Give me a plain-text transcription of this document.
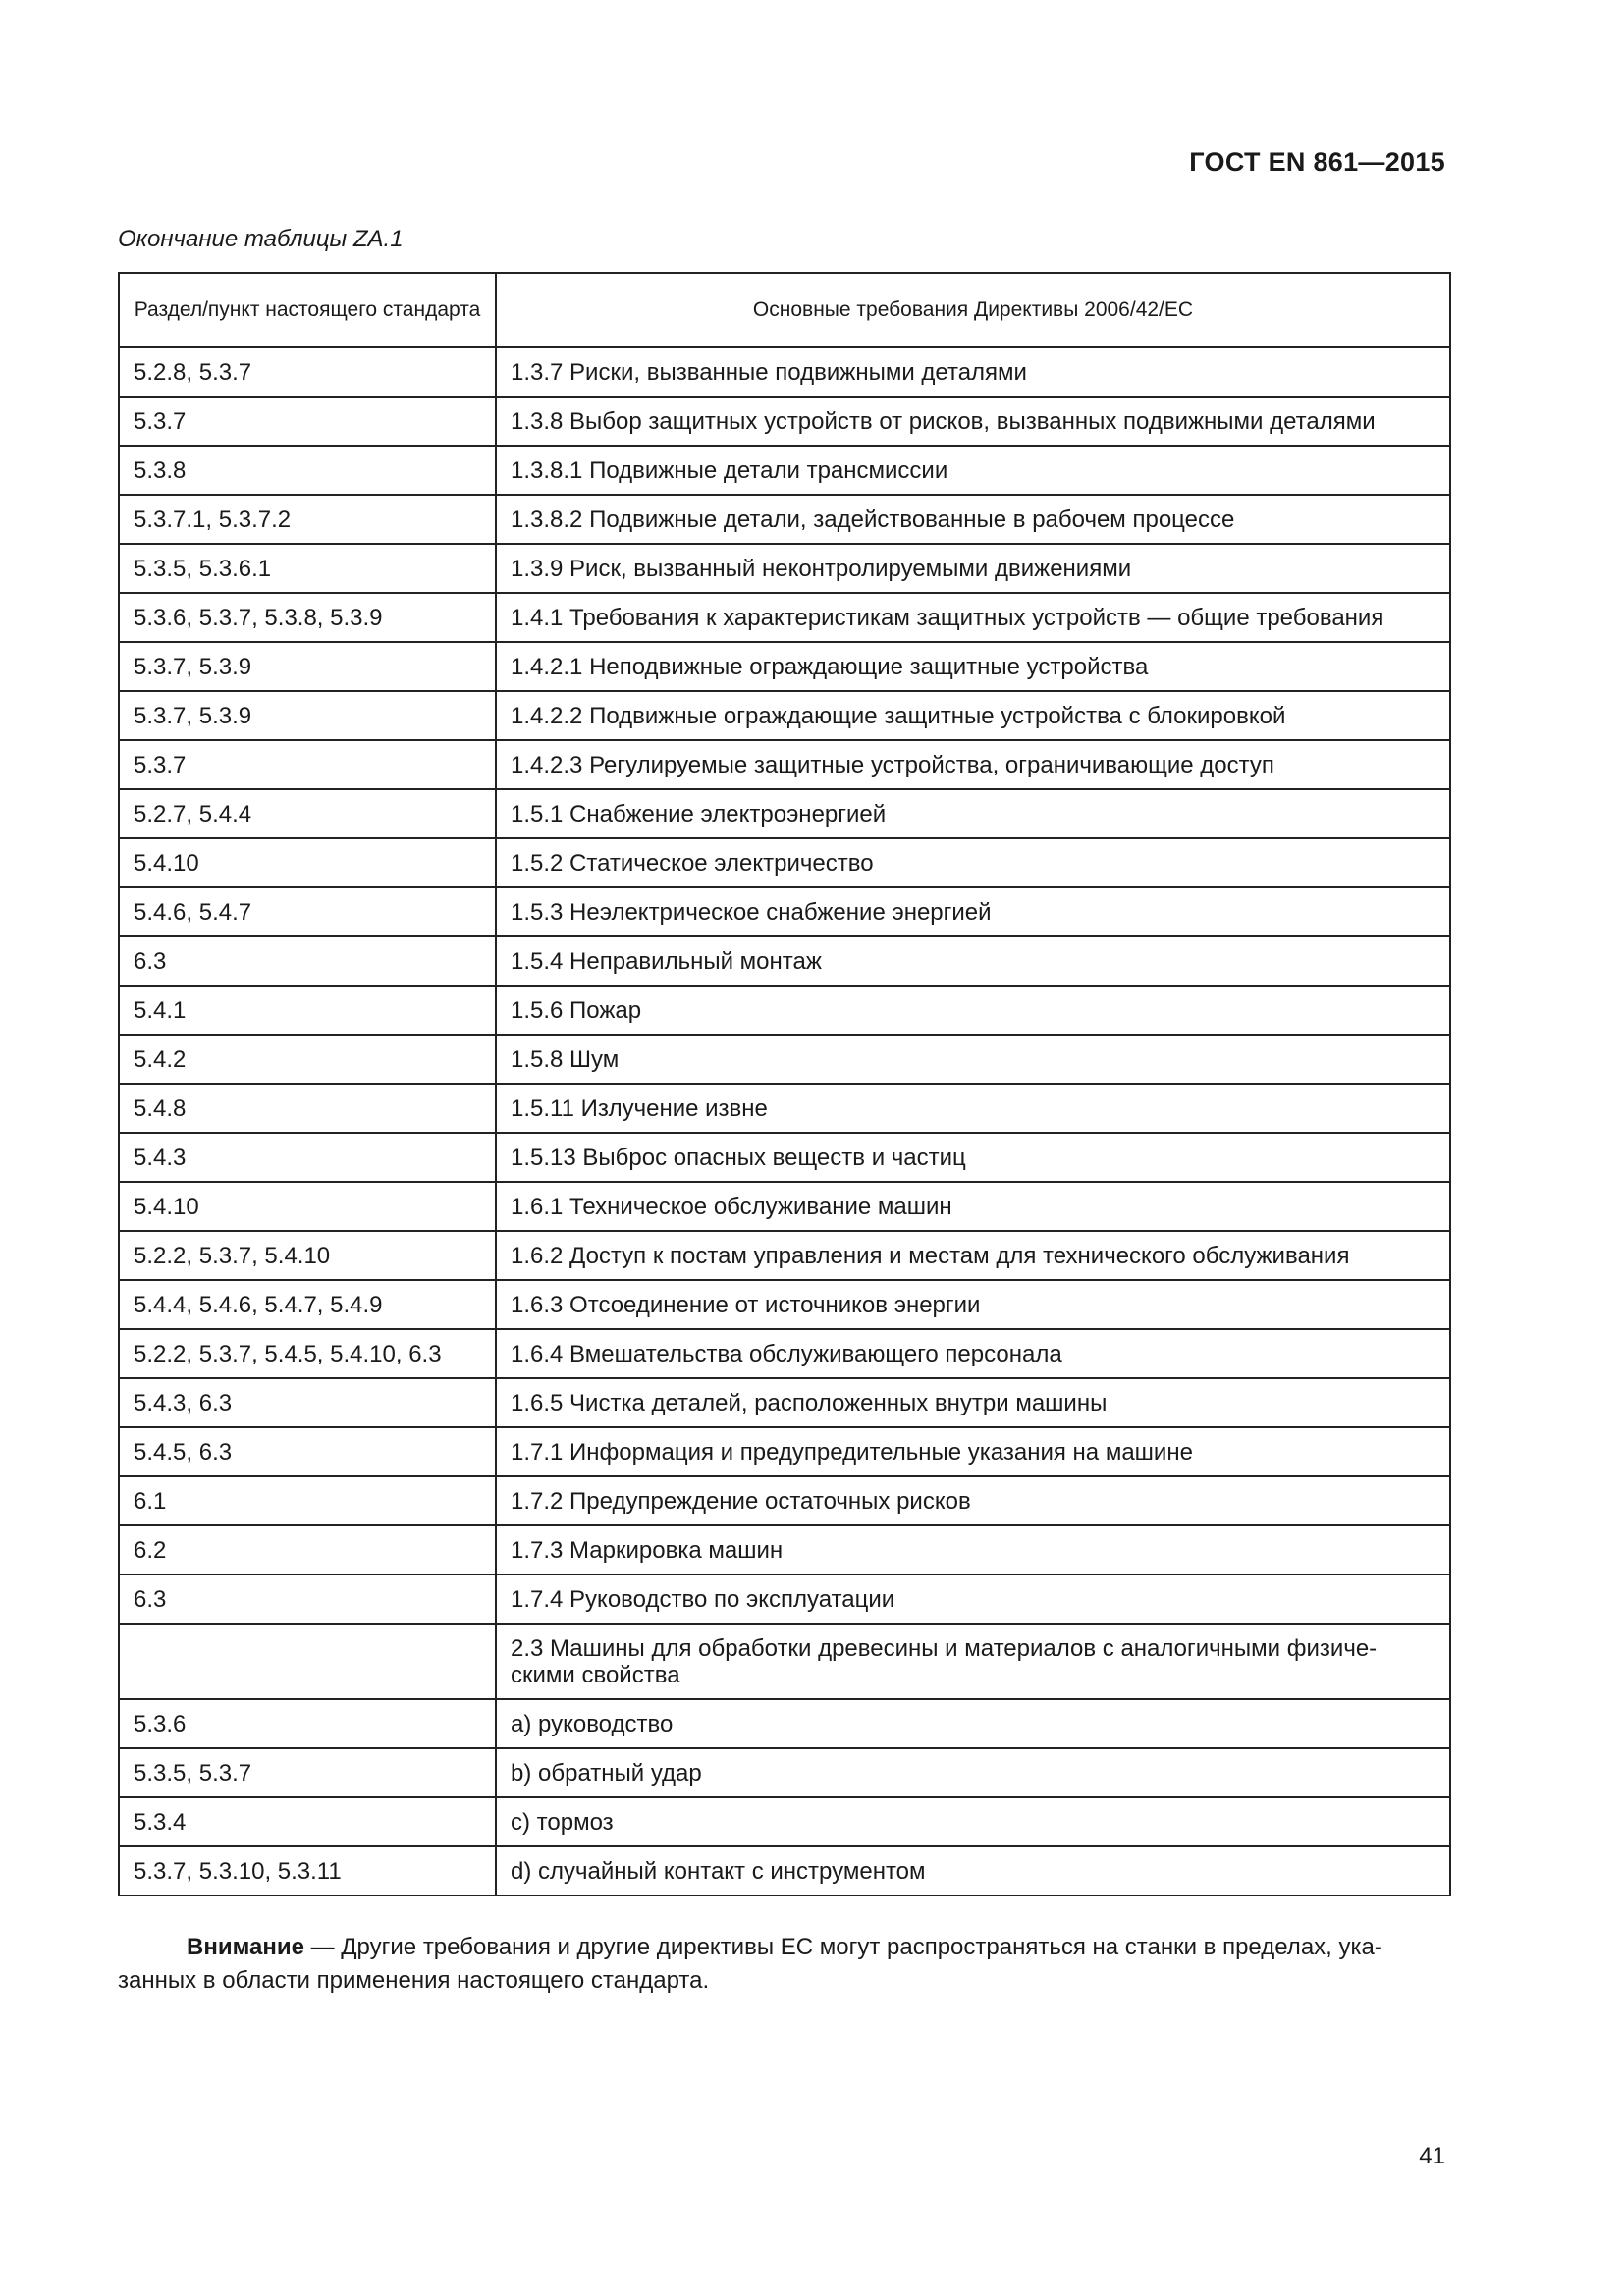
ГОСТ EN 861—2015
Окончание таблицы ZA.1
Раздел/пункт настоящего стандарта	Основные требования Директивы 2006/42/ЕС
5.2.8, 5.3.7	1.3.7 Риски, вызванные подвижными деталями
5.3.7	1.3.8 Выбор защитных устройств от рисков, вызванных подвижными деталями
5.3.8	1.3.8.1 Подвижные детали трансмиссии
5.3.7.1, 5.3.7.2	1.3.8.2 Подвижные детали, задействованные в рабочем процессе
5.3.5, 5.3.6.1	1.3.9 Риск, вызванный неконтролируемыми движениями
5.3.6, 5.3.7, 5.3.8, 5.3.9	1.4.1 Требования к характеристикам защитных устройств — общие требования
5.3.7, 5.3.9	1.4.2.1 Неподвижные ограждающие защитные устройства
5.3.7, 5.3.9	1.4.2.2 Подвижные ограждающие защитные устройства с блокировкой
5.3.7	1.4.2.3 Регулируемые защитные устройства, ограничивающие доступ
5.2.7, 5.4.4	1.5.1 Снабжение электроэнергией
5.4.10	1.5.2 Статическое электричество
5.4.6, 5.4.7	1.5.3 Неэлектрическое снабжение энергией
6.3	1.5.4 Неправильный монтаж
5.4.1	1.5.6 Пожар
5.4.2	1.5.8 Шум
5.4.8	1.5.11 Излучение извне
5.4.3	1.5.13 Выброс опасных веществ и частиц
5.4.10	1.6.1 Техническое обслуживание машин
5.2.2, 5.3.7, 5.4.10	1.6.2 Доступ к постам управления и местам для технического обслуживания
5.4.4, 5.4.6, 5.4.7, 5.4.9	1.6.3 Отсоединение от источников энергии
5.2.2, 5.3.7, 5.4.5, 5.4.10, 6.3	1.6.4 Вмешательства обслуживающего персонала
5.4.3, 6.3	1.6.5 Чистка деталей, расположенных внутри машины
5.4.5, 6.3	1.7.1 Информация и предупредительные указания на машине
6.1	1.7.2 Предупреждение остаточных рисков
6.2	1.7.3 Маркировка машин
6.3	1.7.4 Руководство по эксплуатации
	2.3 Машины для обработки древесины и материалов с аналогичными физиче-скими свойства
5.3.6	a) руководство
5.3.5, 5.3.7	b) обратный удар
5.3.4	c) тормоз
5.3.7, 5.3.10, 5.3.11	d) случайный контакт с инструментом
Внимание — Другие требования и другие директивы ЕС могут распространяться на станки в пределах, ука-занных в области применения настоящего стандарта.
41
